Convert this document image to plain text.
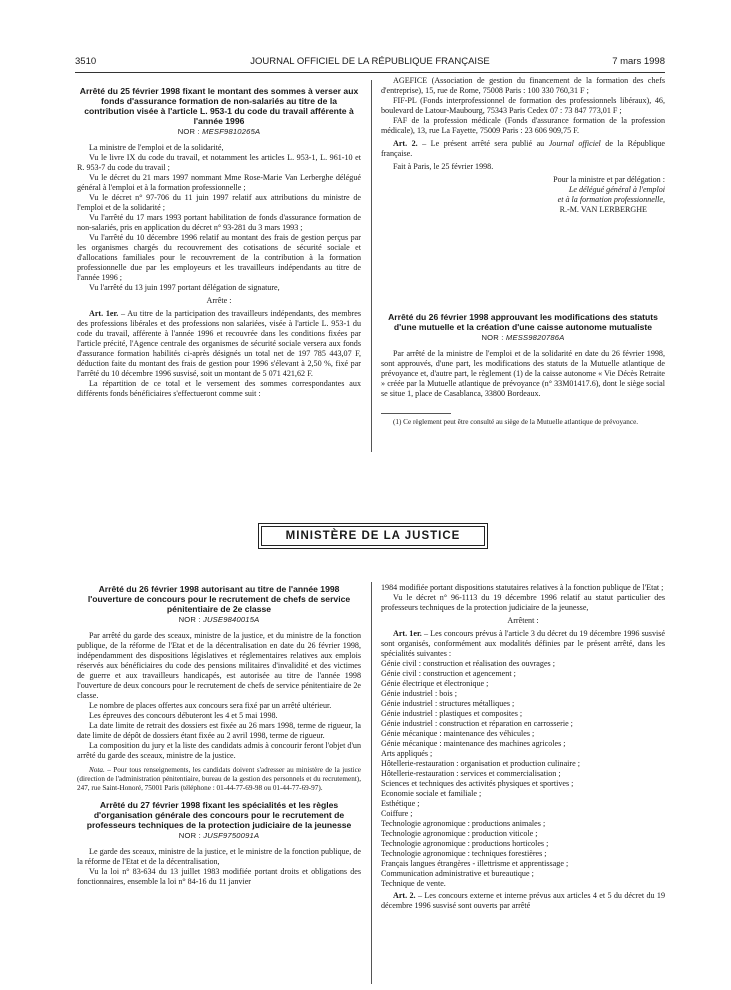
3510	JOURNAL OFFICIEL DE LA RÉPUBLIQUE FRANÇAISE	7 mars 1998
Arrêté du 25 février 1998 fixant le montant des sommes à verser aux fonds d'assurance formation de non-salariés au titre de la contribution visée à l'article L. 953-1 du code du travail afférente à l'année 1996
NOR : MESF9810265A

La ministre de l'emploi et de la solidarité,

Vu le livre IX du code du travail, et notamment les articles L. 953-1, L. 961-10 et R. 953-7 du code du travail ;

Vu le décret du 21 mars 1997 nommant Mme Rose-Marie Van Lerberghe délégué général à l'emploi et à la formation professionnelle ;

Vu le décret n° 97-706 du 11 juin 1997 relatif aux attributions du ministre de l'emploi et de la solidarité ;

Vu l'arrêté du 17 mars 1993 portant habilitation de fonds d'assurance formation de non-salariés, pris en application du décret n° 93-281 du 3 mars 1993 ;

Vu l'arrêté du 10 décembre 1996 relatif au montant des frais de gestion perçus par les organismes chargés du recouvrement des cotisations de sécurité sociale et d'allocations familiales pour le recouvrement de la contribution à la formation professionnelle due par les employeurs et les travailleurs indépendants au titre de l'année 1996 ;

Vu l'arrêté du 13 juin 1997 portant délégation de signature,

Arrête :

Art. 1er. – Au titre de la participation des travailleurs indépendants, des membres des professions libérales et des professions non salariées, visée à l'article L. 953-1 du code du travail, afférente à l'année 1996 et recouvrée dans les conditions fixées par l'article précité, l'Agence centrale des organismes de sécurité sociale versera aux fonds d'assurance formation habilités ci-après désignés un total net de 197 785 443,07 F, déduction faite du montant des frais de gestion pour 1996 s'élevant à 2,50 %, fixé par l'arrêté du 10 décembre 1996 susvisé, soit un montant de 5 071 421,62 F.

La répartition de ce total et le versement des sommes correspondantes aux différents fonds bénéficiaires s'effectueront comme suit :

AGEFICE (Association de gestion du financement de la formation des chefs d'entreprise), 15, rue de Rome, 75008 Paris : 100 330 760,31 F ;

FIF-PL (Fonds interprofessionnel de formation des professionnels libéraux), 46, boulevard de Latour-Maubourg, 75343 Paris Cedex 07 : 73 847 773,01 F ;

FAF de la profession médicale (Fonds d'assurance formation de la profession médicale), 13, rue La Fayette, 75009 Paris : 23 606 909,75 F.

Art. 2. – Le présent arrêté sera publié au Journal officiel de la République française.

Fait à Paris, le 25 février 1998.

Pour la ministre et par délégation :

Le délégué général à l'emploi

et à la formation professionnelle,

R.-M. VAN LERBERGHE

Arrêté du 26 février 1998 approuvant les modifications des statuts d'une mutuelle et la création d'une caisse autonome mutualiste
NOR : MESS9820786A

Par arrêté de la ministre de l'emploi et de la solidarité en date du 26 février 1998, sont approuvés, d'une part, les modifications des statuts de la Mutuelle atlantique de prévoyance et, d'autre part, le règlement (1) de la caisse autonome « Vie Décès Retraite » créée par la Mutuelle atlantique de prévoyance (n° 33M01417.6), dont le siège social se situe 1, place de Casablanca, 33800 Bordeaux.

(1) Ce règlement peut être consulté au siège de la Mutuelle atlantique de prévoyance.

MINISTÈRE DE LA JUSTICE
Arrêté du 26 février 1998 autorisant au titre de l'année 1998 l'ouverture de concours pour le recrutement de chefs de service pénitentiaire de 2e classe
NOR : JUSE9840015A

Par arrêté du garde des sceaux, ministre de la justice, et du ministre de la fonction publique, de la réforme de l'Etat et de la décentralisation en date du 26 février 1998, indépendamment des dispositions législatives et réglementaires relatives aux emplois réservés aux bénéficiaires du code des pensions militaires d'invalidité et des victimes de guerre et aux travailleurs handicapés, est autorisée au titre de l'année 1998 l'ouverture de deux concours pour le recrutement de chefs de service pénitentiaire de 2e classe.

Le nombre de places offertes aux concours sera fixé par un arrêté ultérieur.

Les épreuves des concours débuteront les 4 et 5 mai 1998.

La date limite de retrait des dossiers est fixée au 26 mars 1998, terme de rigueur, la date limite de dépôt de dossiers étant fixée au 2 avril 1998, terme de rigueur.

La composition du jury et la liste des candidats admis à concourir feront l'objet d'un arrêté du garde des sceaux, ministre de la justice.

Nota. – Pour tous renseignements, les candidats doivent s'adresser au ministère de la justice (direction de l'administration pénitentiaire, bureau de la gestion des personnels et du recrutement), 247, rue Saint-Honoré, 75001 Paris (téléphone : 01-44-77-69-98 ou 01-44-77-69-97).

Arrêté du 27 février 1998 fixant les spécialités et les règles d'organisation générale des concours pour le recrutement de professeurs techniques de la protection judiciaire de la jeunesse
NOR : JUSF9750091A

Le garde des sceaux, ministre de la justice, et le ministre de la fonction publique, de la réforme de l'Etat et de la décentralisation,

Vu la loi n° 83-634 du 13 juillet 1983 modifiée portant droits et obligations des fonctionnaires, ensemble la loi n° 84-16 du 11 janvier

1984 modifiée portant dispositions statutaires relatives à la fonction publique de l'Etat ;

Vu le décret n° 96-1113 du 19 décembre 1996 relatif au statut particulier des professeurs techniques de la protection judiciaire de la jeunesse,

Arrêtent :

Art. 1er. – Les concours prévus à l'article 3 du décret du 19 décembre 1996 susvisé sont organisés, conformément aux modalités définies par le présent arrêté, dans les spécialités suivantes :

Génie civil : construction et réalisation des ouvrages ;

Génie civil : construction et agencement ;

Génie électrique et électronique ;

Génie industriel : bois ;

Génie industriel : structures métalliques ;

Génie industriel : plastiques et composites ;

Génie industriel : construction et réparation en carrosserie ;

Génie mécanique : maintenance des véhicules ;

Génie mécanique : maintenance des machines agricoles ;

Arts appliqués ;

Hôtellerie-restauration : organisation et production culinaire ;

Hôtellerie-restauration : services et commercialisation ;

Sciences et techniques des activités physiques et sportives ;

Economie sociale et familiale ;

Esthétique ;

Coiffure ;

Technologie agronomique : productions animales ;

Technologie agronomique : production viticole ;

Technologie agronomique : productions horticoles ;

Technologie agronomique : techniques forestières ;

Français langues étrangères - illettrisme et apprentissage ;

Communication administrative et bureautique ;

Technique de vente.

Art. 2. – Les concours externe et interne prévus aux articles 4 et 5 du décret du 19 décembre 1996 susvisé sont ouverts par arrêté
